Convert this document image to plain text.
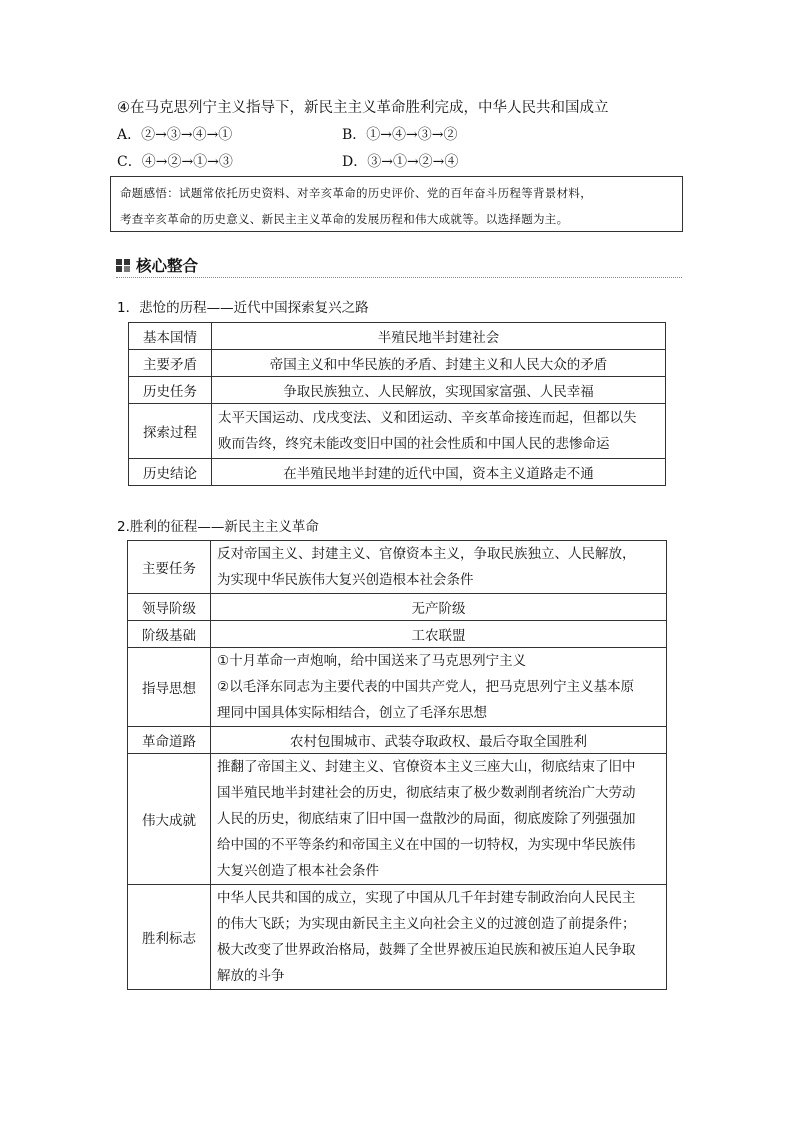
④在马克思列宁主义指导下，新民主主义革命胜利完成，中华人民共和国成立
A．②→③→④→①	B．①→④→③→②
C．④→②→①→③	D．③→①→②→④
命题感悟：试题常依托历史资料、对辛亥革命的历史评价、党的百年奋斗历程等背景材料，
考查辛亥革命的历史意义、新民主主义革命的发展历程和伟大成就等。以选择题为主。
核心整合
1．悲怆的历程——近代中国探索复兴之路
基本国情	半殖民地半封建社会
主要矛盾	帝国主义和中华民族的矛盾、封建主义和人民大众的矛盾
历史任务	争取民族独立、人民解放，实现国家富强、人民幸福
探索过程	太平天国运动、戊戌变法、义和团运动、辛亥革命接连而起，但都以失
败而告终，终究未能改变旧中国的社会性质和中国人民的悲惨命运

历史结论	在半殖民地半封建的近代中国，资本主义道路走不通
2.胜利的征程——新民主主义革命
主要任务	反对帝国主义、封建主义、官僚资本主义，争取民族独立、人民解放，
为实现中华民族伟大复兴创造根本社会条件

领导阶级	无产阶级
阶级基础	工农联盟
指导思想	①十月革命一声炮响，给中国送来了马克思列宁主义
②以毛泽东同志为主要代表的中国共产党人，把马克思列宁主义基本原
理同中国具体实际相结合，创立了毛泽东思想

革命道路	农村包围城市、武装夺取政权、最后夺取全国胜利
伟大成就	推翻了帝国主义、封建主义、官僚资本主义三座大山，彻底结束了旧中
国半殖民地半封建社会的历史，彻底结束了极少数剥削者统治广大劳动
人民的历史，彻底结束了旧中国一盘散沙的局面，彻底废除了列强强加
给中国的不平等条约和帝国主义在中国的一切特权，为实现中华民族伟
大复兴创造了根本社会条件

胜利标志	中华人民共和国的成立，实现了中国从几千年封建专制政治向人民民主
的伟大飞跃；为实现由新民主主义向社会主义的过渡创造了前提条件；
极大改变了世界政治格局，鼓舞了全世界被压迫民族和被压迫人民争取
解放的斗争
